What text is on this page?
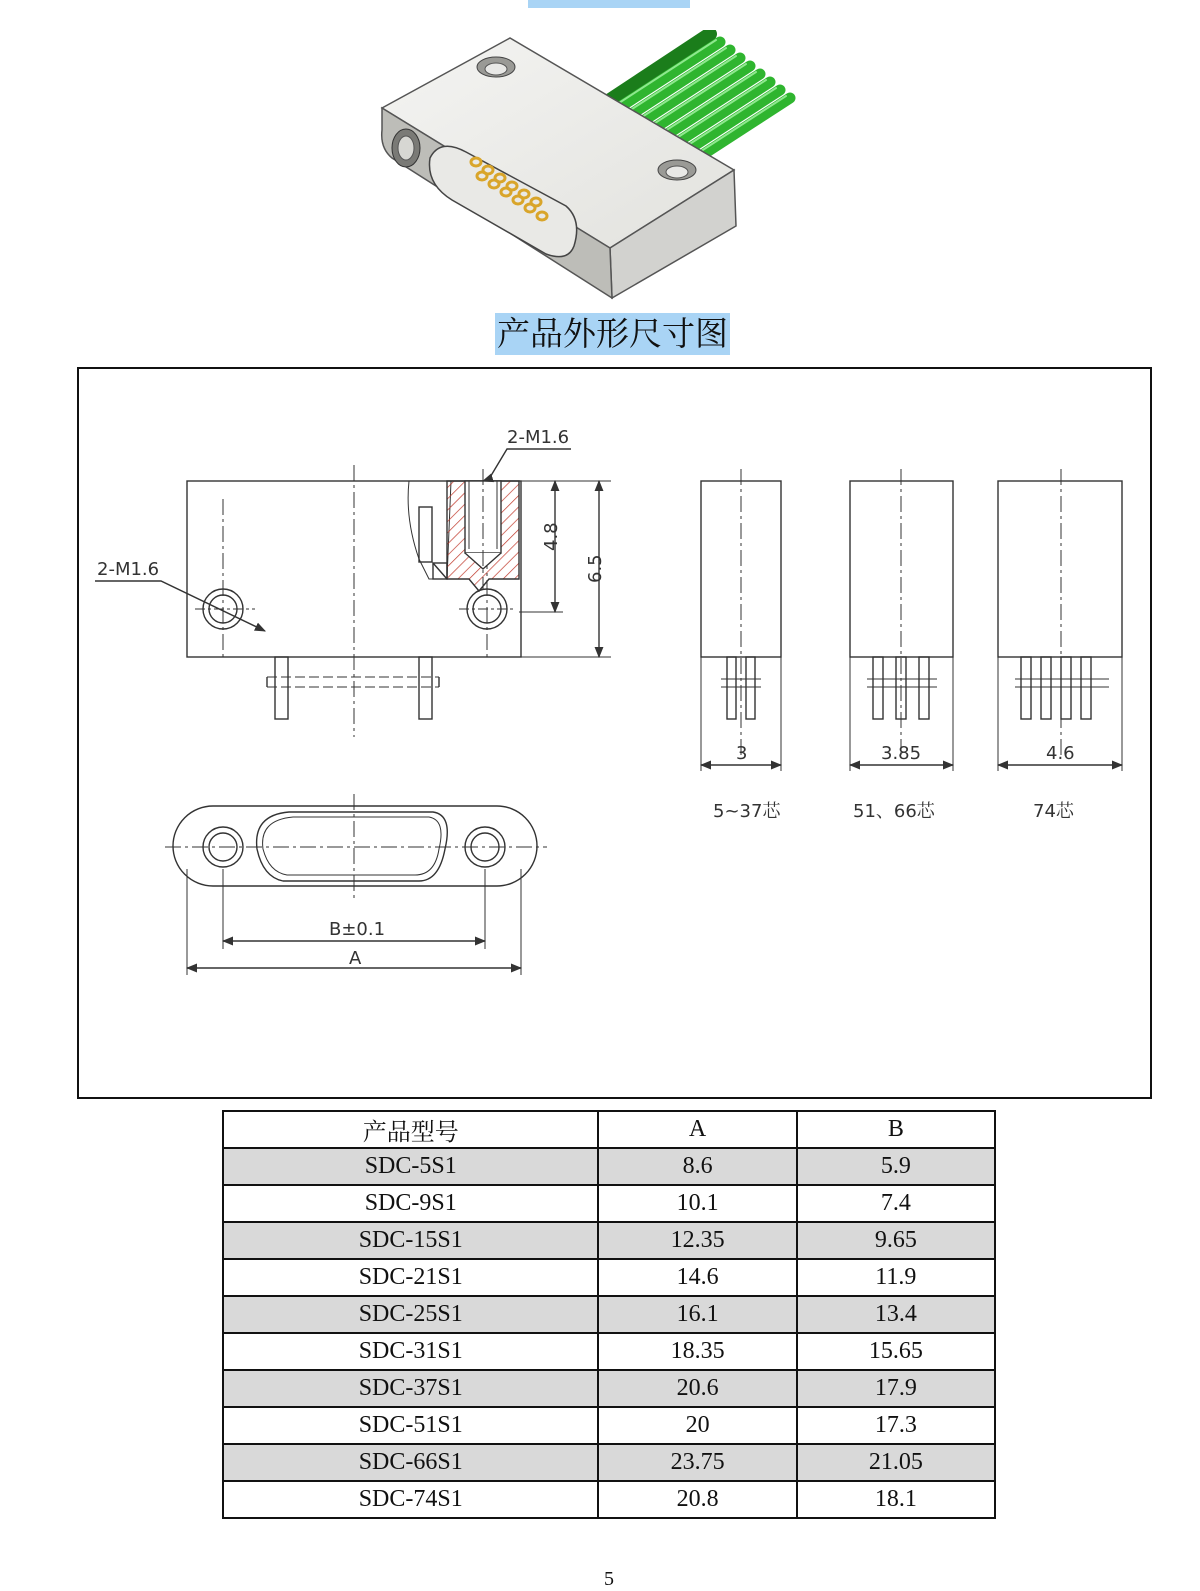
产品外形尺寸图
2-M1.6
2-M1.6
4.8
6.5
B±0.1
A
3	3.85	4.6
5~37芯	51、66芯	74芯
产品型号	A	B
SDC-5S1	8.6	5.9
SDC-9S1	10.1	7.4
SDC-15S1	12.35	9.65
SDC-21S1	14.6	11.9
SDC-25S1	16.1	13.4
SDC-31S1	18.35	15.65
SDC-37S1	20.6	17.9
SDC-51S1	20	17.3
SDC-66S1	23.75	21.05
SDC-74S1	20.8	18.1
5
